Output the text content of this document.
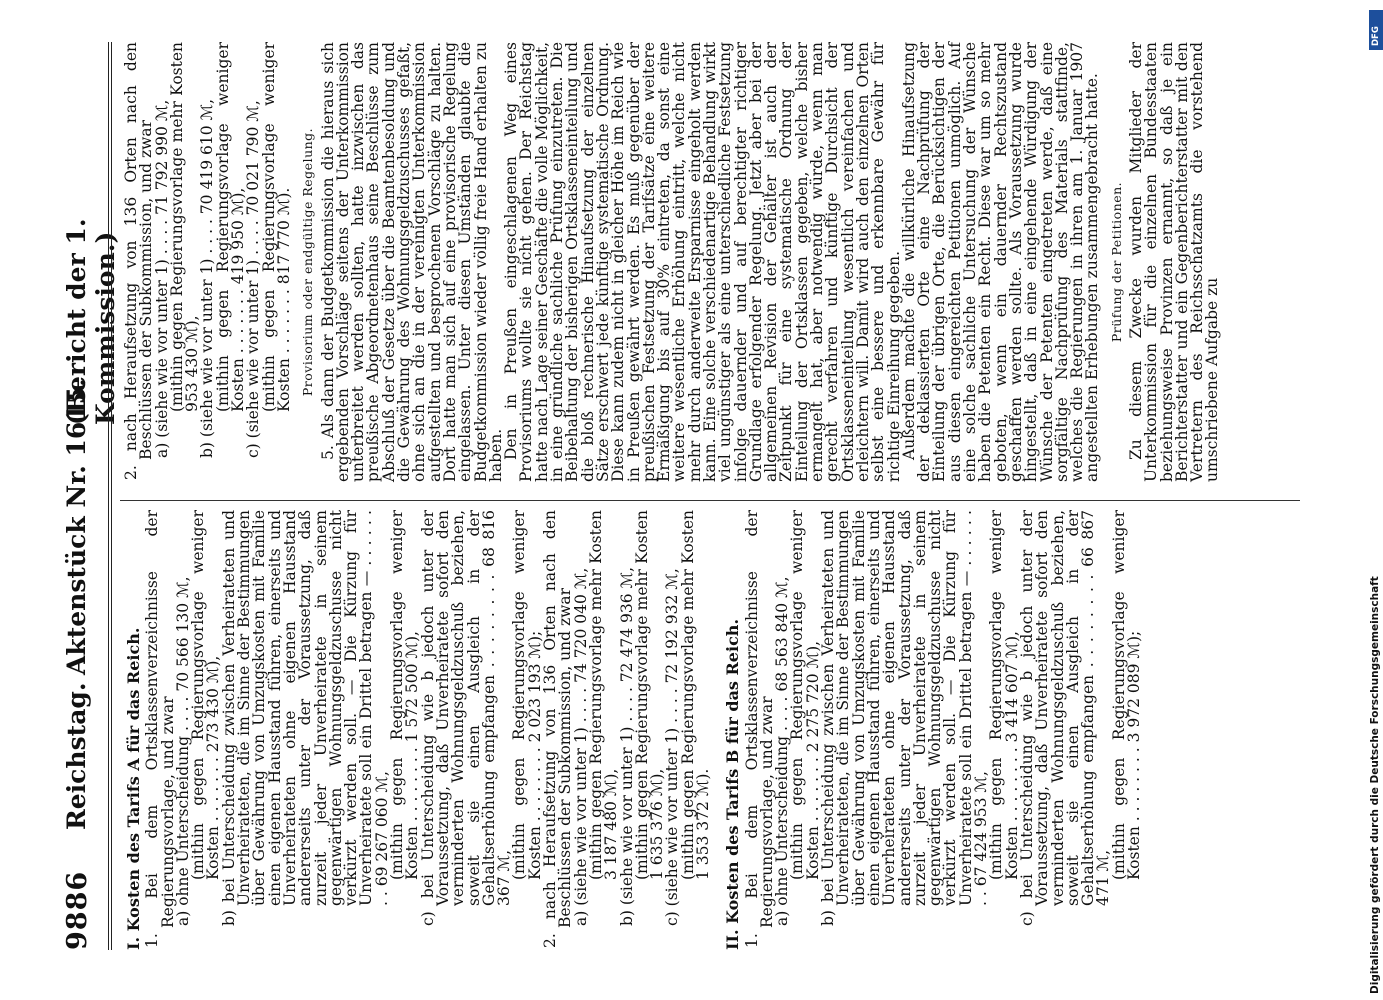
9886
Reichstag.
Aktenstück Nr. 1615.
(Bericht der 1. Kommission.)

I. Kosten des Tarifs A für das Reich. 1. Bei dem Ortsklassenverzeichnisse der Regierungsvorlage, und zwar

a) ohne Unterscheidung . . . . 70 566 130 ℳ,

(mithin gegen Regierungsvorlage weniger Kosten . . . . . . . 273 430 ℳ),

b) bei Unterscheidung zwischen Verheirateten und Unverheirateten, die im Sinne der Bestimmungen über Gewährung von Umzugskosten mit Familie einen eigenen Hausstand führen, einerseits und Unverheirateten ohne eigenen Hausstand andererseits unter der Voraussetzung, daß zurzeit jeder Unverheiratete in seinem gegenwärtigen Wohnungsgeldzuschusse nicht verkürzt werden soll. — Die Kürzung für Unverheiratete soll ein Drittel betragen — . . . . . . . . 69 267 060 ℳ,

(mithin gegen Regierungsvorlage weniger Kosten . . . . . . . . 1 572 500 ℳ),

c) bei Unterscheidung wie b jedoch unter der Voraussetzung, daß Unverheiratete sofort den verminderten Wohnungsgeldzuschuß beziehen, soweit sie einen Ausgleich in der Gehaltserhöhung empfangen . . . . . . . . 68 816 367 ℳ,

(mithin gegen Regierungsvorlage weniger Kosten . . . . . . . . 2 023 193 ℳ);

2. nach Heraufsetzung von 136 Orten nach den Beschlüssen der Subkommission, und zwar

a) (siehe wie vor unter 1) . . . . 74 720 040 ℳ,

(mithin gegen Regierungsvorlage mehr Kosten 3 187 480 ℳ),

b) (siehe wie vor unter 1) . . . . 72 474 936 ℳ,

(mithin gegen Regierungsvorlage mehr Kosten 1 635 376 ℳ),

c) (siehe wie vor unter 1) . . . . 72 192 932 ℳ,

(mithin gegen Regierungsvorlage mehr Kosten 1 353 372 ℳ). II. Kosten des Tarifs B für das Reich. 1. Bei dem Ortsklassenverzeichnisse der Regierungsvorlage, und zwar

a) ohne Unterscheidung . . . . 68 563 840 ℳ,

(mithin gegen Regierungsvorlage weniger Kosten . . . . . . . 2 275 720 ℳ),

b) bei Unterscheidung zwischen Verheirateten und Unverheirateten, die im Sinne der Bestimmungen über Gewährung von Umzugskosten mit Familie einen eigenen Hausstand führen, einerseits und Unverheirateten ohne eigenen Hausstand andererseits unter der Voraussetzung, daß zurzeit jeder Unverheiratete in seinem gegenwärtigen Wohnungsgeldzuschusse nicht verkürzt werden soll. — Die Kürzung für Unverheiratete soll ein Drittel betragen — . . . . . . . . 67 424 953 ℳ,

(mithin gegen Regierungsvorlage weniger Kosten . . . . . . . . 3 414 607 ℳ),

c) bei Unterscheidung wie b jedoch unter der Voraussetzung, daß Unverheiratete sofort den verminderten Wohnungsgeldzuschuß beziehen, soweit sie einen Ausgleich in der Gehaltserhöhung empfangen . . . . . . . . 66 867 471 ℳ,

(mithin gegen Regierungsvorlage weniger Kosten . . . . . . . . 3 972 089 ℳ);

2. nach Heraufsetzung von 136 Orten nach den Beschlüssen der Subkommission, und zwar

a) (siehe wie vor unter 1) . . . . 71 792 990 ℳ,

(mithin gegen Regierungsvorlage mehr Kosten 953 430 ℳ),

b) (siehe wie vor unter 1) . . . . 70 419 610 ℳ,

(mithin gegen Regierungsvorlage weniger Kosten . . . . . . . 419 950 ℳ),

c) (siehe wie vor unter 1) . . . . 70 021 790 ℳ,

(mithin gegen Regierungsvorlage weniger Kosten . . . . . . . 817 770 ℳ). Provisorium oder endgültige Regelung. 5. Als dann der Budgetkommission die hieraus sich ergebenden Vorschläge seitens der Unterkommission unterbreitet werden sollten, hatte inzwischen das preußische Abgeordnetenhaus seine Beschlüsse zum Abschluß der Gesetze über die Beamtenbesoldung und die Gewährung des Wohnungsgeldzuschusses gefaßt, ohne sich an die in der vereinigten Unterkommission aufgestellten und besprochenen Vorschläge zu halten. Dort hatte man sich auf eine provisorische Regelung eingelassen. Unter diesen Umständen glaubte die Budgetkommission wieder völlig freie Hand erhalten zu haben.

Den in Preußen eingeschlagenen Weg eines Provisoriums wollte sie nicht gehen. Der Reichstag hatte nach Lage seiner Geschäfte die volle Möglichkeit, in eine gründliche sachliche Prüfung einzutreten. Die Beibehaltung der bisherigen Ortsklasseneinteilung und die bloß rechnerische Hinaufsetzung der einzelnen Sätze erschwert jede künftige systematische Ordnung. Diese kann zudem nicht in gleicher Höhe im Reich wie in Preußen gewährt werden. Es muß gegenüber der preußischen Festsetzung der Tarifsätze eine weitere Ermäßigung bis auf 30% eintreten, da sonst eine weitere wesentliche Erhöhung eintritt, welche nicht mehr durch anderweite Ersparnisse eingeholt werden kann. Eine solche verschiedenartige Behandlung wirkt viel ungünstiger als eine unterschiedliche Festsetzung infolge dauernder und auf berechtigter richtiger Grundlage erfolgender Regelung. Jetzt aber bei der allgemeinen Revision der Gehälter ist auch der Zeitpunkt für eine systematische Ordnung der Einteilung der Ortsklassen gegeben, welche bisher ermangelt hat, aber notwendig würde, wenn man gerecht verfahren und künftige Durchsicht der Ortsklasseneinteilung wesentlich vereinfachen und erleichtern will. Damit wird auch den einzelnen Orten selbst eine bessere und erkennbare Gewähr für richtige Einreihung gegeben.

Außerdem machte die willkürliche Hinaufsetzung der deklassierten Orte eine Nachprüfung der Einteilung der übrigen Orte, die Berücksichtigen der aus diesen eingereichten Petitionen unmöglich. Auf eine solche sachliche Untersuchung der Wünsche haben die Petenten ein Recht. Diese war um so mehr geboten, wenn ein dauernder Rechtszustand geschaffen werden sollte. Als Voraussetzung wurde hingestellt, daß in eine eingehende Würdigung der Wünsche der Petenten eingetreten werde, daß eine sorgfältige Nachprüfung des Materials stattfinde, welches die Regierungen in ihren am 1. Januar 1907 angestellten Erhebungen zusammengebracht hatte. Prüfung der Petitionen. Zu diesem Zwecke wurden Mitglieder der Unterkommission für die einzelnen Bundesstaaten beziehungsweise Provinzen ernannt, so daß je ein Berichterstatter und ein Gegenberichterstatter mit den Vertretern des Reichsschatzamts die vorstehend umschriebene Aufgabe zu

Digitalisierung gefördert durch die Deutsche Forschungsgemeinschaft
DFG
